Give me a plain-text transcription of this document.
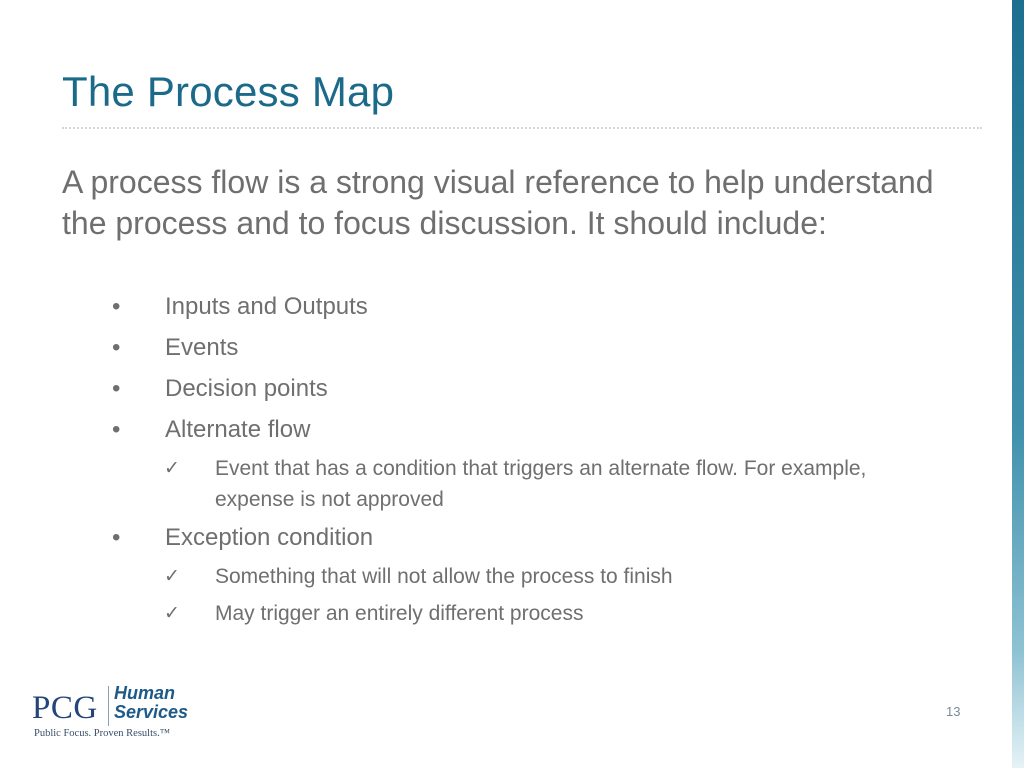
The Process Map

A process flow is a strong visual reference to help understand the process and to focus discussion. It should include:

•	Inputs and Outputs
•	Events
•	Decision points
•	Alternate flow
✓ Event that has a condition that triggers an alternate flow. For example, expense is not approved
•	Exception condition
✓ Something that will not allow the process to finish
✓ May trigger an entirely different process
PCG Human
Services
Public Focus. Proven Results.™
13
